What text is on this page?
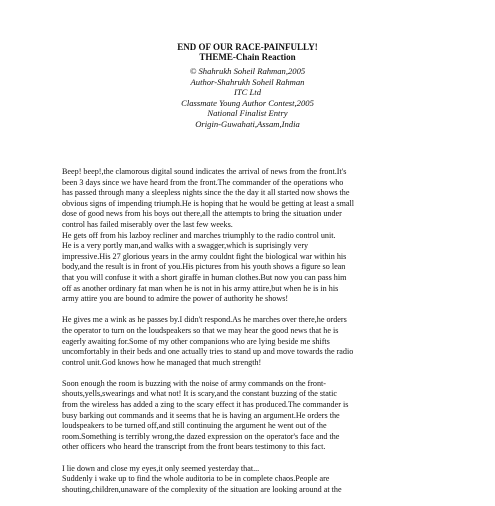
END OF OUR RACE-PAINFULLY!
THEME-Chain Reaction
© Shahrukh Soheil Rahman,2005
Author-Shahrukh Soheil Rahman
ITC Ltd
Classmate Young Author Contest,2005
National Finalist Entry
Origin-Guwahati,Assam,India
Beep! beep!,the clamorous digital sound indicates the arrival of news from the front.It's
been 3 days since we have heard from the front.The commander of the operations who
has passed through many a sleepless nights since the the day it all started now shows the
obvious signs of impending triumph.He is hoping that he would be getting at least a small
dose of good news from his boys out there,all the attempts to bring the situation under
control has failed miserably over the last few weeks.
He gets off from his lazboy recliner and marches triumphly to the radio control unit.
He is a very portly man,and walks with a swagger,which is suprisingly very
impressive.His 27 glorious years in the army couldnt fight the biological war within his
body,and the result is in front of you.His pictures from his youth shows a figure so lean
that you will confuse it with a short giraffe in human clothes.But now you can pass him
off as another ordinary fat man when he is not in his army attire,but when he is in his
army attire you are bound to admire the power of authority he shows!
He gives me a wink as he passes by.I didn't respond.As he marches over there,he orders
the operator to turn on the loudspeakers so that we may hear the good news that he is
eagerly awaiting for.Some of my other companions who are lying beside me shifts
uncomfortably in their beds and one actually tries to stand up and move towards the radio
control unit.God knows how he managed that much strength!
Soon enough the room is buzzing with the noise of army commands on the front-
shouts,yells,swearings and what not! It is scary,and the constant buzzing of the static
from the wireless has added a zing to the scary effect it has produced.The commander is
busy barking out commands and it seems that he is having an argument.He orders the
loudspeakers to be turned off,and still continuing the argument he went out of the
room.Something is terribly wrong,the dazed expression on the operator's face and the
other officers who heard the transcript from the front bears testimony to this fact.
I lie down and close my eyes,it only seemed yesterday that...
Suddenly i wake up to find the whole auditoria to be in complete chaos.People are
shouting,children,unaware of the complexity of the situation are looking around at the
